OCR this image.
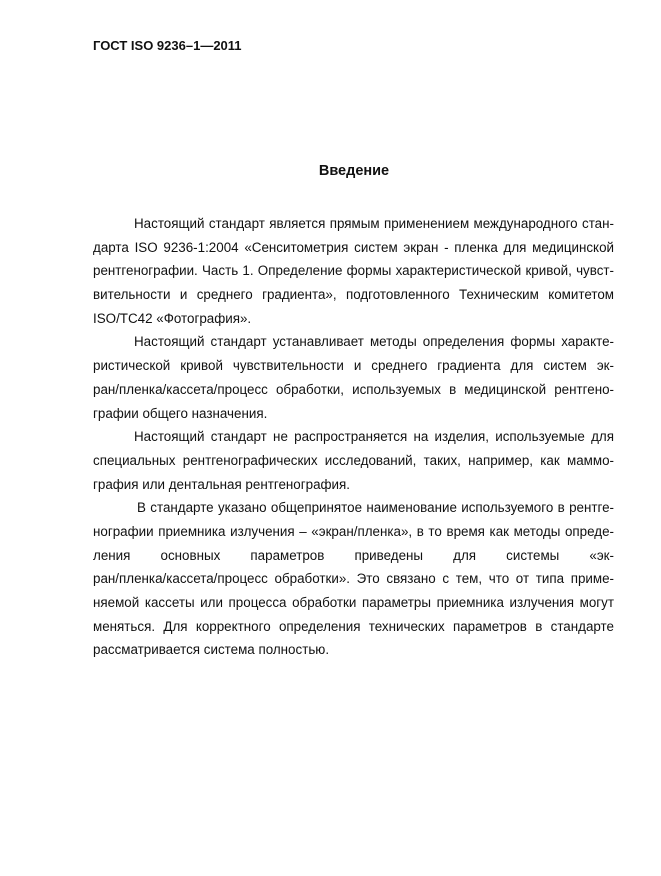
ГОСТ ISO 9236–1—2011
Введение
Настоящий стандарт является прямым применением международного стан-
дарта ISO 9236-1:2004 «Сенситометрия систем экран - пленка для медицинской
рентгенографии. Часть 1. Определение формы характеристической кривой, чувст-
вительности и среднего градиента», подготовленного Техническим комитетом
ISO/TC42 «Фотография».
Настоящий стандарт устанавливает методы определения формы характе-
ристической кривой чувствительности и среднего градиента для систем эк-
ран/пленка/кассета/процесс обработки, используемых в медицинской рентгено-
графии общего назначения.
Настоящий стандарт не распространяется на изделия, используемые для
специальных рентгенографических исследований, таких, например, как маммо-
графия или дентальная рентгенография.
В стандарте указано общепринятое наименование используемого в рентге-
нографии приемника излучения – «экран/пленка», в то время как методы опреде-
ления основных параметров приведены для системы «эк-
ран/пленка/кассета/процесс обработки». Это связано с тем, что от типа приме-
няемой кассеты или процесса обработки параметры приемника излучения могут
меняться. Для корректного определения технических параметров в стандарте
рассматривается система полностью.
